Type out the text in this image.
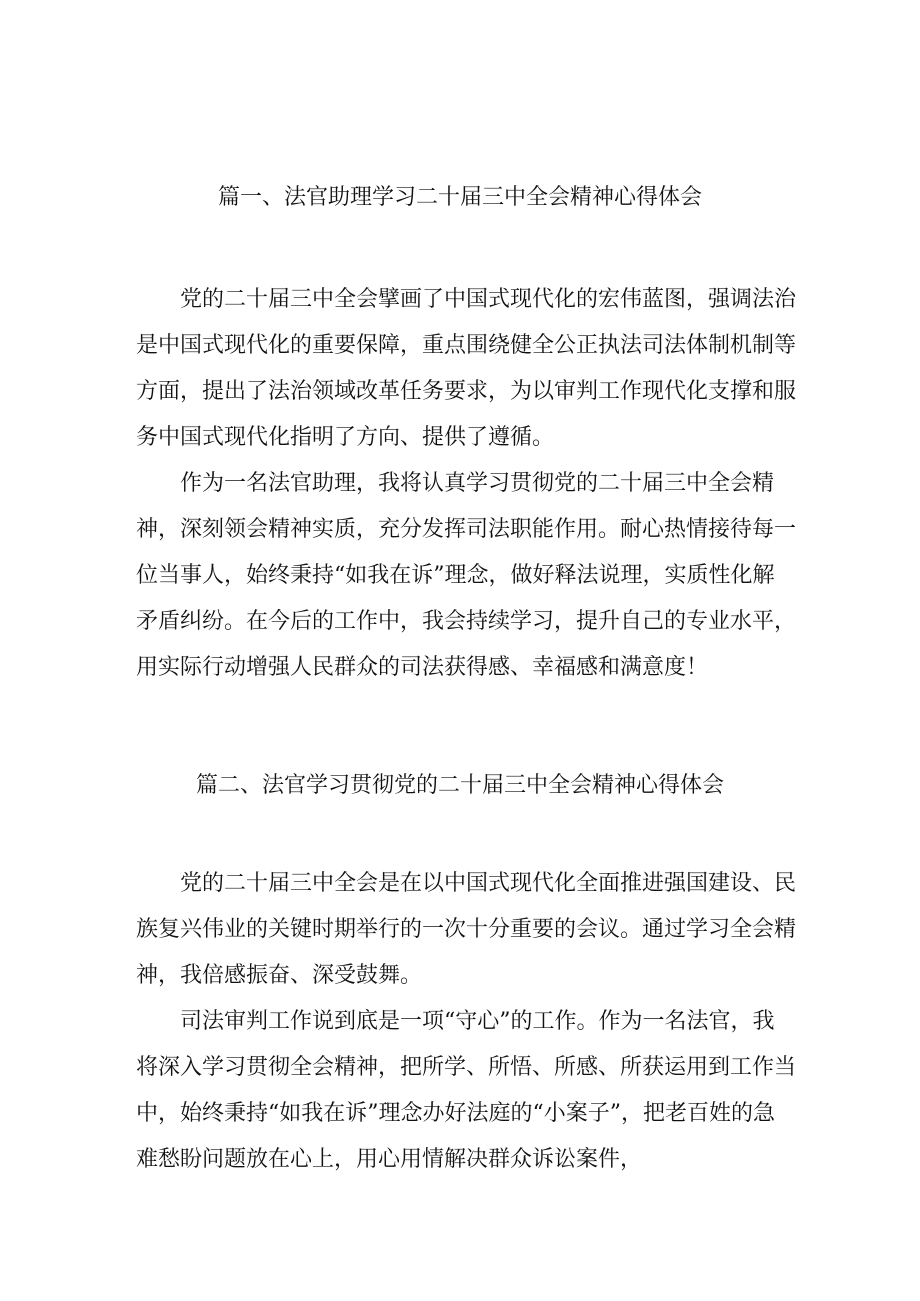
篇一、法官助理学习二十届三中全会精神心得体会

党的二十届三中全会擘画了中国式现代化的宏伟蓝图，强调法治是中国式现代化的重要保障，重点围绕健全公正执法司法体制机制等方面，提出了法治领域改革任务要求，为以审判工作现代化支撑和服务中国式现代化指明了方向、提供了遵循。

作为一名法官助理，我将认真学习贯彻党的二十届三中全会精神，深刻领会精神实质，充分发挥司法职能作用。耐心热情接待每一位当事人，始终秉持“如我在诉”理念，做好释法说理，实质性化解矛盾纠纷。在今后的工作中，我会持续学习，提升自己的专业水平，用实际行动增强人民群众的司法获得感、幸福感和满意度！

篇二、法官学习贯彻党的二十届三中全会精神心得体会

党的二十届三中全会是在以中国式现代化全面推进强国建设、民族复兴伟业的关键时期举行的一次十分重要的会议。通过学习全会精神，我倍感振奋、深受鼓舞。

司法审判工作说到底是一项“守心”的工作。作为一名法官，我将深入学习贯彻全会精神，把所学、所悟、所感、所获运用到工作当中，始终秉持“如我在诉”理念办好法庭的“小案子”，把老百姓的急难愁盼问题放在心上，用心用情解决群众诉讼案件，
